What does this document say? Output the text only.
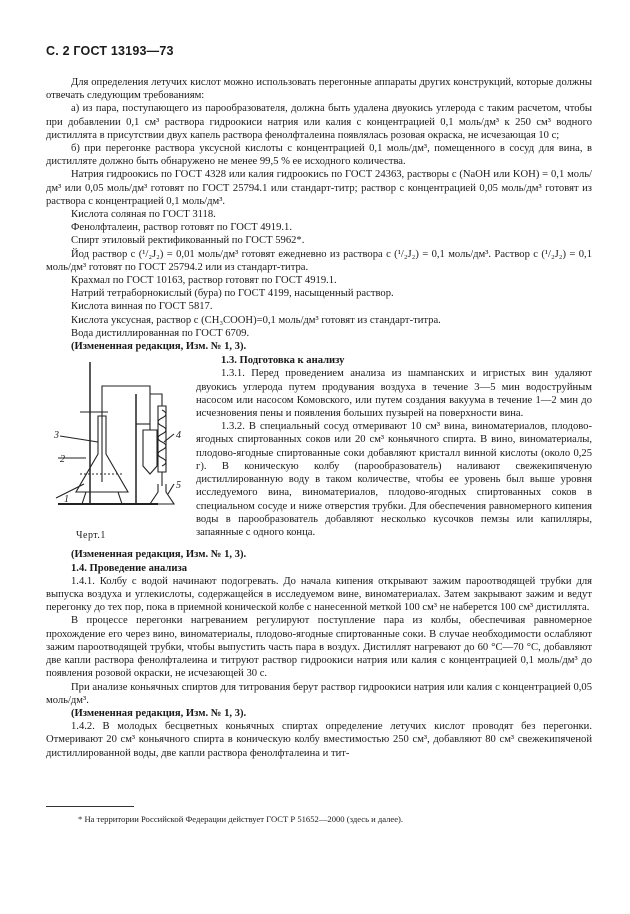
С. 2 ГОСТ 13193—73

Для определения летучих кислот можно использовать перегонные аппараты других конструкций, которые должны отвечать следующим требованиям:

а) из пара, поступающего из парообразователя, должна быть удалена двуокись углерода с таким расчетом, чтобы при добавлении 0,1 см³ раствора гидроокиси натрия или калия с концентрацией 0,1 моль/дм³ к 250 см³ водного дистиллята в присутствии двух капель раствора фенолфталеина появлялась розовая окраска, не исчезающая 10 с;

б) при перегонке раствора уксусной кислоты с концентрацией 0,1 моль/дм³, помещенного в сосуд для вина, в дистилляте должно быть обнаружено не менее 99,5 % ее исходного количества.

Натрия гидроокись по ГОСТ 4328 или калия гидроокись по ГОСТ 24363, растворы c (NaOH или KOH) = 0,1 моль/дм³ или 0,05 моль/дм³ готовят по ГОСТ 25794.1 или стандарт-титр; раствор с концентрацией 0,05 моль/дм³ готовят из раствора с концентрацией 0,1 моль/дм³.

Кислота соляная по ГОСТ 3118.

Фенолфталеин, раствор готовят по ГОСТ 4919.1.

Спирт этиловый ректификованный по ГОСТ 5962*.

Йод раствор c (¹/₂J₂) = 0,01 моль/дм³ готовят ежедневно из раствора c (¹/₂J₂) = 0,1 моль/дм³. Раствор c (¹/₂J₂) = 0,1 моль/дм³ готовят по ГОСТ 25794.2 или из стандарт-титра.

Крахмал по ГОСТ 10163, раствор готовят по ГОСТ 4919.1.

Натрий тетраборнокислый (бура) по ГОСТ 4199, насыщенный раствор.

Кислота винная по ГОСТ 5817.

Кислота уксусная, раствор c (CH₃COOH)=0,1 моль/дм³ готовят из стандарт-титра.

Вода дистиллированная по ГОСТ 6709.

(Измененная редакция, Изм. № 1, 3).

1
2
3	4
5
Черт.1

1.3. Подготовка к анализу

1.3.1. Перед проведением анализа из шампанских и игристых вин удаляют двуокись углерода путем продувания воздуха в течение 3—5 мин водоструйным насосом или насосом Комовского, или путем создания вакуума в течение 1—2 мин до исчезновения пены и появления больших пузырей на поверхности вина.

1.3.2. В специальный сосуд отмеривают 10 см³ вина, виноматериалов, плодово-ягодных спиртованных соков или 20 см³ коньячного спирта. В вино, виноматериалы, плодово-ягодные спиртованные соки добавляют кристалл винной кислоты (около 0,25 г). В коническую колбу (парообразователь) наливают свежекипяченую дистиллированную воду в таком количестве, чтобы ее уровень был выше уровня исследуемого вина, виноматериалов, плодово-ягодных спиртованных соков в специальном сосуде и ниже отверстия трубки. Для обеспечения равномерного кипения воды в парообразователь добавляют несколько кусочков пемзы или капилляры, запаянные с одного конца.

(Измененная редакция, Изм. № 1, 3).

1.4. Проведение анализа

1.4.1. Колбу с водой начинают подогревать. До начала кипения открывают зажим пароотводящей трубки для выпуска воздуха и углекислоты, содержащейся в исследуемом вине, виноматериалах. Затем закрывают зажим и ведут перегонку до тех пор, пока в приемной конической колбе с нанесенной меткой 100 см³ не наберется 100 см³ дистиллята.

В процессе перегонки нагреванием регулируют поступление пара из колбы, обеспечивая равномерное прохождение его через вино, виноматериалы, плодово-ягодные спиртованные соки. В случае необходимости ослабляют зажим пароотводящей трубки, чтобы выпустить часть пара в воздух. Дистиллят нагревают до 60 °С—70 °С, добавляют две капли раствора фенолфталеина и титруют раствор гидроокиси натрия или калия с концентрацией 0,1 моль/дм³ до появления розовой окраски, не исчезающей 30 с.

При анализе коньячных спиртов для титрования берут раствор гидроокиси натрия или калия с концентрацией 0,05 моль/дм³.

(Измененная редакция, Изм. № 1, 3).

1.4.2. В молодых бесцветных коньячных спиртах определение летучих кислот проводят без перегонки. Отмеривают 20 см³ коньячного спирта в коническую колбу вместимостью 250 см³, добавляют 80 см³ свежекипяченой дистиллированной воды, две капли раствора фенолфталеина и тит-

* На территории Российской Федерации действует ГОСТ Р 51652—2000 (здесь и далее).
